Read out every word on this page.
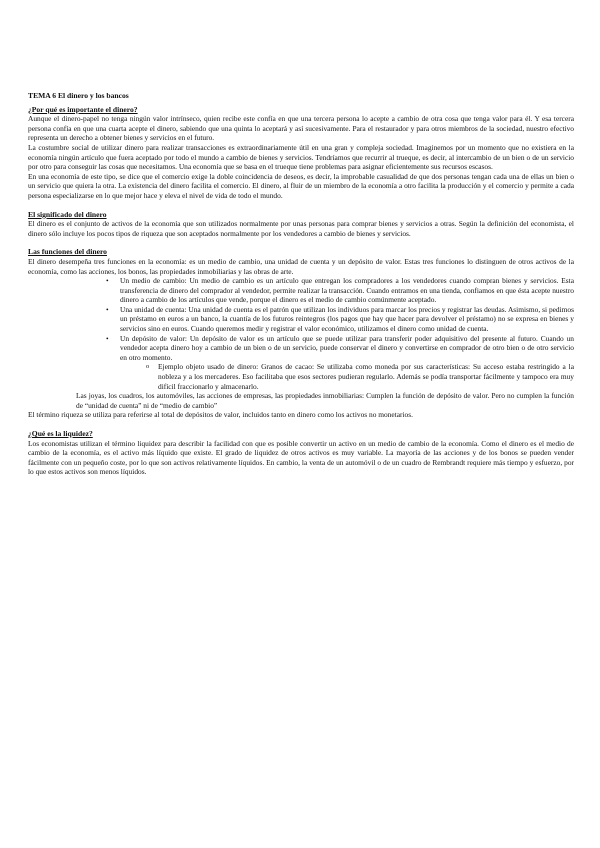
TEMA 6 El dinero y los bancos

¿Por qué es importante el dinero?

Aunque el dinero-papel no tenga ningún valor intrínseco, quien recibe este confía en que una tercera persona lo acepte a cambio de otra cosa que tenga valor para él. Y esa tercera persona confía en que una cuarta acepte el dinero, sabiendo que una quinta lo aceptará y así sucesivamente. Para el restaurador y para otros miembros de la sociedad, nuestro efectivo representa un derecho a obtener bienes y servicios en el futuro.

La costumbre social de utilizar dinero para realizar transacciones es extraordinariamente útil en una gran y compleja sociedad. Imaginemos por un momento que no existiera en la economía ningún artículo que fuera aceptado por todo el mundo a cambio de bienes y servicios. Tendríamos que recurrir al trueque, es decir, al intercambio de un bien o de un servicio por otro para conseguir las cosas que necesitamos. Una economía que se basa en el trueque tiene problemas para asignar eficientemente sus recursos escasos.

En una economía de este tipo, se dice que el comercio exige la doble coincidencia de deseos, es decir, la improbable casualidad de que dos personas tengan cada una de ellas un bien o un servicio que quiera la otra. La existencia del dinero facilita el comercio. El dinero, al fluir de un miembro de la economía a otro facilita la producción y el comercio y permite a cada persona especializarse en lo que mejor hace y eleva el nivel de vida de todo el mundo.

El significado del dinero

El dinero es el conjunto de activos de la economía que son utilizados normalmente por unas personas para comprar bienes y servicios a otras. Según la definición del economista, el dinero sólo incluye los pocos tipos de riqueza que son aceptados normalmente por los vendedores a cambio de bienes y servicios.

Las funciones del dinero

El dinero desempeña tres funciones en la economía: es un medio de cambio, una unidad de cuenta y un depósito de valor. Estas tres funciones lo distinguen de otros activos de la economía, como las acciones, los bonos, las propiedades inmobiliarias y las obras de arte.

• Un medio de cambio: Un medio de cambio es un artículo que entregan los compradores a los vendedores cuando compran bienes y servicios. Esta transferencia de dinero del comprador al vendedor, permite realizar la transacción. Cuando entramos en una tienda, confiamos en que ésta acepte nuestro dinero a cambio de los artículos que vende, porque el dinero es el medio de cambio comúnmente aceptado.
• Una unidad de cuenta: Una unidad de cuenta es el patrón que utilizan los individuos para marcar los precios y registrar las deudas. Asimismo, si pedimos un préstamo en euros a un banco, la cuantía de los futuros reintegros (los pagos que hay que hacer para devolver el préstamo) no se expresa en bienes y servicios sino en euros. Cuando queremos medir y registrar el valor económico, utilizamos el dinero como unidad de cuenta.
• Un depósito de valor: Un depósito de valor es un artículo que se puede utilizar para transferir poder adquisitivo del presente al futuro. Cuando un vendedor acepta dinero hoy a cambio de un bien o de un servicio, puede conservar el dinero y convertirse en comprador de otro bien o de otro servicio en otro momento.
o Ejemplo objeto usado de dinero: Granos de cacao: Se utilizaba como moneda por sus características: Su acceso estaba restringido a la nobleza y a los mercaderes. Eso facilitaba que esos sectores pudieran regularlo. Además se podía transportar fácilmente y tampoco era muy difícil fraccionarlo y almacenarlo.

Las joyas, los cuadros, los automóviles, las acciones de empresas, las propiedades inmobiliarias: Cumplen la función de depósito de valor. Pero no cumplen la función de “unidad de cuenta” ni de “medio de cambio”

El término riqueza se utiliza para referirse al total de depósitos de valor, incluidos tanto en dinero como los activos no monetarios.

¿Qué es la liquidez?

Los economistas utilizan el término liquidez para describir la facilidad con que es posible convertir un activo en un medio de cambio de la economía. Como el dinero es el medio de cambio de la economía, es el activo más líquido que existe. El grado de liquidez de otros activos es muy variable. La mayoría de las acciones y de los bonos se pueden vender fácilmente con un pequeño coste, por lo que son activos relativamente líquidos. En cambio, la venta de un automóvil o de un cuadro de Rembrandt requiere más tiempo y esfuerzo, por lo que estos activos son menos líquidos.
